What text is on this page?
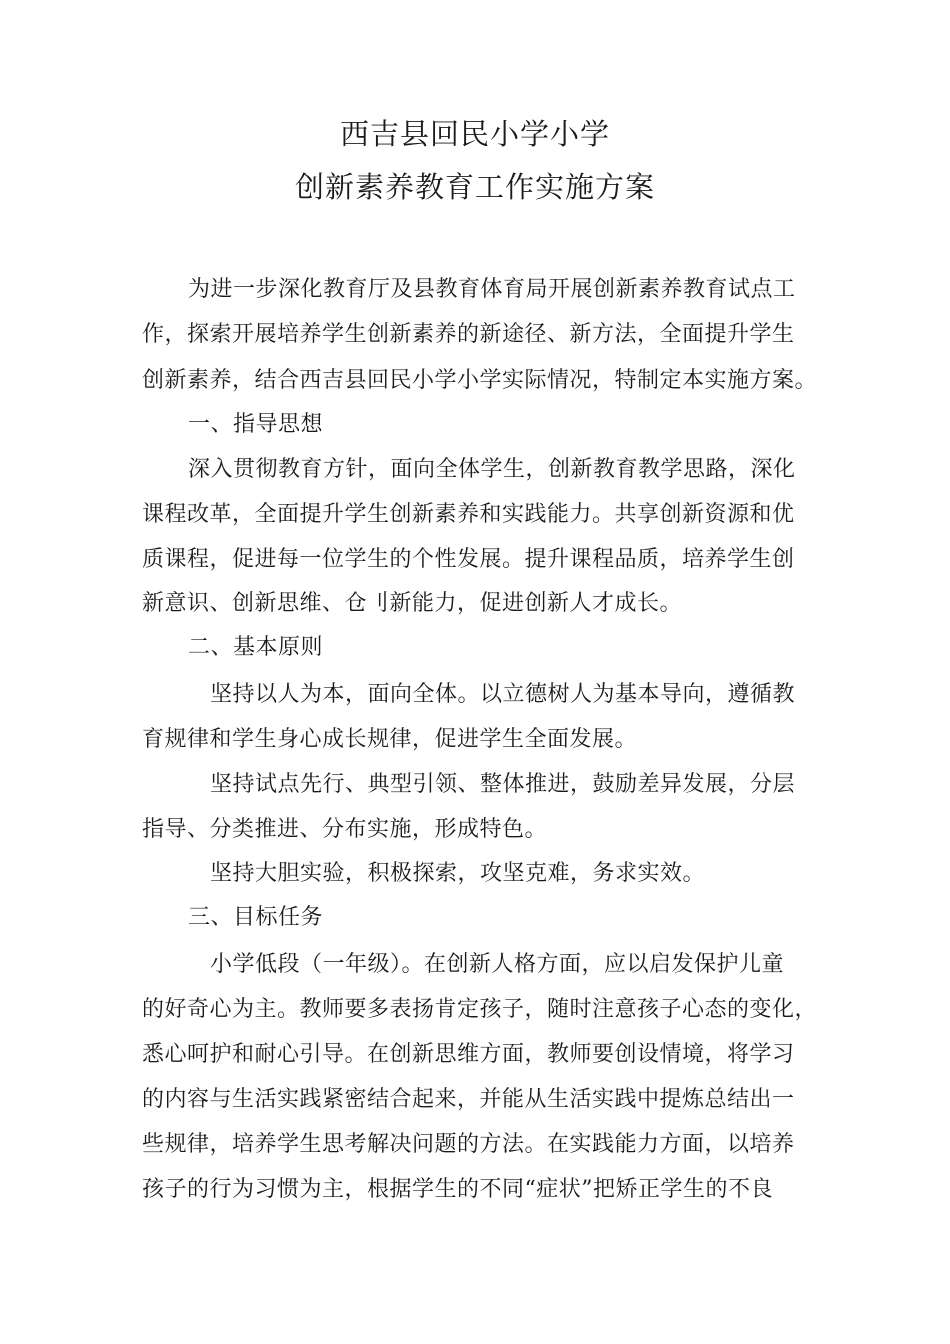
西吉县回民小学小学
创新素养教育工作实施方案
为进一步深化教育厅及县教育体育局开展创新素养教育试点工
作，探索开展培养学生创新素养的新途径、新方法，全面提升学生
创新素养，结合西吉县回民小学小学实际情况，特制定本实施方案。
一、指导思想
深入贯彻教育方针，面向全体学生，创新教育教学思路，深化
课程改革，全面提升学生创新素养和实践能力。共享创新资源和优
质课程，促进每一位学生的个性发展。提升课程品质，培养学生创
新意识、创新思维、仓刂新能力，促进创新人才成长。
二、基本原则
坚持以人为本，面向全体。以立德树人为基本导向，遵循教
育规律和学生身心成长规律，促进学生全面发展。
坚持试点先行、典型引领、整体推进，鼓励差异发展，分层
指导、分类推进、分布实施，形成特色。
坚持大胆实验，积极探索，攻坚克难，务求实效。
三、目标任务
小学低段（一年级）。在创新人格方面，应以启发保护儿童
的好奇心为主。教师要多表扬肯定孩子，随时注意孩子心态的变化，
悉心呵护和耐心引导。在创新思维方面，教师要创设情境，将学习
的内容与生活实践紧密结合起来，并能从生活实践中提炼总结出一
些规律，培养学生思考解决问题的方法。在实践能力方面，以培养
孩子的行为习惯为主，根据学生的不同“症状”把矫正学生的不良
